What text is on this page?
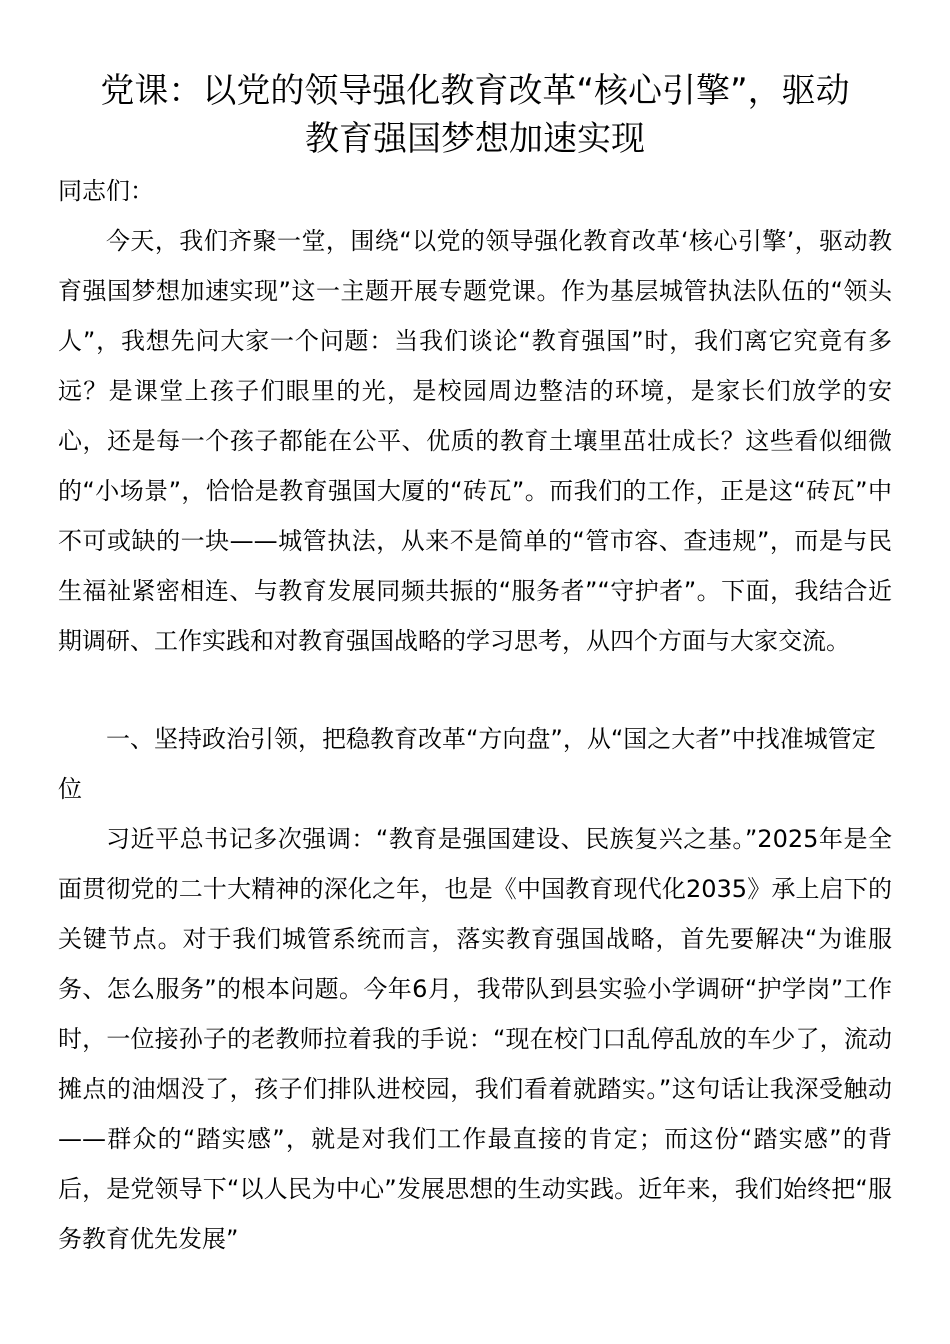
党课：以党的领导强化教育改革“核心引擎”，驱动
教育强国梦想加速实现
同志们：
今天，我们齐聚一堂，围绕“以党的领导强化教育改革‘核心引擎’，驱动教育强国梦想加速实现”这一主题开展专题党课。作为基层城管执法队伍的“领头人”，我想先问大家一个问题：当我们谈论“教育强国”时，我们离它究竟有多远？是课堂上孩子们眼里的光，是校园周边整洁的环境，是家长们放学的安心，还是每一个孩子都能在公平、优质的教育土壤里茁壮成长？这些看似细微的“小场景”，恰恰是教育强国大厦的“砖瓦”。而我们的工作，正是这“砖瓦”中不可或缺的一块——城管执法，从来不是简单的“管市容、查违规”，而是与民生福祉紧密相连、与教育发展同频共振的“服务者”“守护者”。下面，我结合近期调研、工作实践和对教育强国战略的学习思考，从四个方面与大家交流。
一、坚持政治引领，把稳教育改革“方向盘”，从“国之大者”中找准城管定位
习近平总书记多次强调：“教育是强国建设、民族复兴之基。”2025年是全面贯彻党的二十大精神的深化之年，也是《中国教育现代化2035》承上启下的关键节点。对于我们城管系统而言，落实教育强国战略，首先要解决“为谁服务、怎么服务”的根本问题。今年6月，我带队到县实验小学调研“护学岗”工作时，一位接孙子的老教师拉着我的手说：“现在校门口乱停乱放的车少了，流动摊点的油烟没了，孩子们排队进校园，我们看着就踏实。”这句话让我深受触动——群众的“踏实感”，就是对我们工作最直接的肯定；而这份“踏实感”的背后，是党领导下“以人民为中心”发展思想的生动实践。近年来，我们始终把“服务教育优先发展”
